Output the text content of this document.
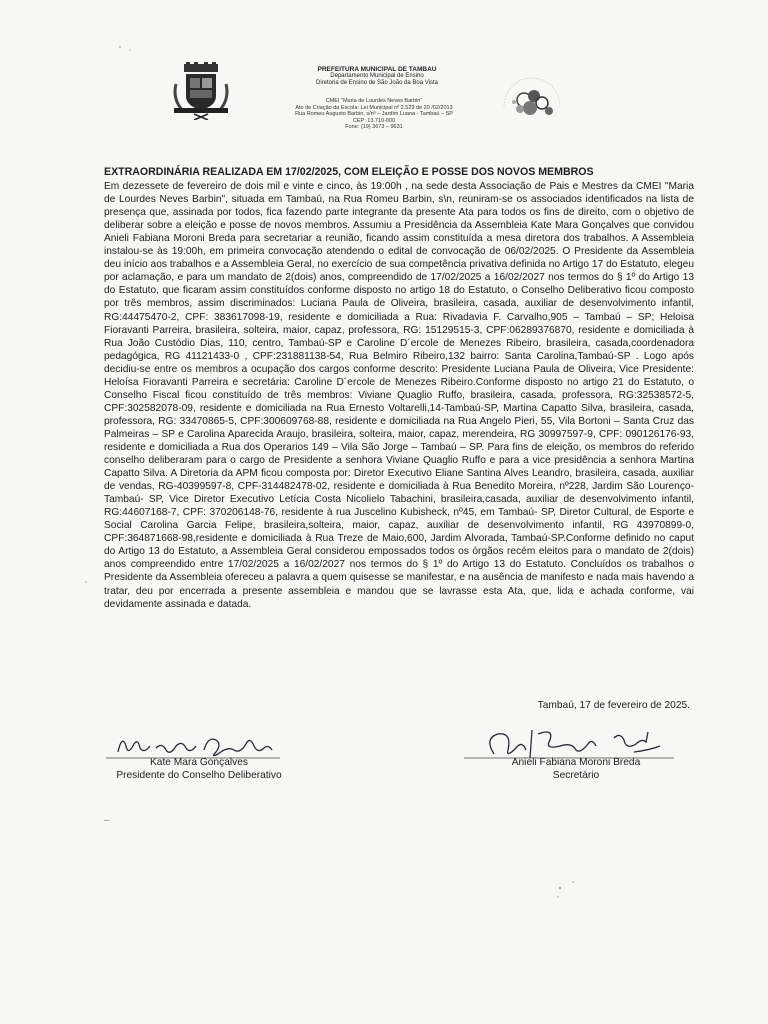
PREFEITURA MUNICIPAL DE TAMBAU
Departamento Municipal de Ensino
Diretoria de Ensino de São João da Boa Vista
CMEI "Maria de Lourdes Neves Barbin"
Ato de Criação da Escola: Lei Municipal nº 2.529 de 20 /02/2013
Rua Romeu Augusto Barbin, s/nº – Jardim Luana - Tambaú – SP
CEP: 13.710-000
Fone: (19) 3673 – 9631
EXTRAORDINÁRIA REALIZADA EM 17/02/2025, COM ELEIÇÃO E POSSE DOS NOVOS MEMBROS

Em dezessete de fevereiro de dois mil e vinte e cinco, às 19:00h , na sede desta Associação de Pais e Mestres da CMEI "Maria de Lourdes Neves Barbin", situada em Tambaú, na Rua Romeu Barbin, s\n, reuniram-se os associados identificados na lista de presença que, assinada por todos, fica fazendo parte integrante da presente Ata para todos os fins de direito, com o objetivo de deliberar sobre a eleição e posse de novos membros. Assumiu a Presidência da Assembleia Kate Mara Gonçalves que convidou Anieli Fabiana Moroni Breda para secretariar a reunião, ficando assim constituída a mesa diretora dos trabalhos. A Assembleia instalou-se às 19:00h, em primeira convocação atendendo o edital de convocação de 06/02/2025. O Presidente da Assembleia deu início aos trabalhos e a Assembleia Geral, no exercício de sua competência privativa definida no Artigo 17 do Estatuto, elegeu por aclamação, e para um mandato de 2(dois) anos, compreendido de 17/02/2025 a 16/02/2027 nos termos do § 1º do Artigo 13 do Estatuto, que ficaram assim constituídos conforme disposto no artigo 18 do Estatuto, o Conselho Deliberativo ficou composto por três membros, assim discriminados: Luciana Paula de Oliveira, brasileira, casada, auxiliar de desenvolvimento infantil, RG:44475470-2, CPF: 383617098-19, residente e domiciliada a Rua: Rivadavia F. Carvalho,905 – Tambaú – SP; Heloisa Fioravanti Parreira, brasileira, solteira, maior, capaz, professora, RG: 15129515-3, CPF:06289376870, residente e domiciliada à Rua João Custódio Dias, 110, centro, Tambaú-SP e Caroline D´ercole de Menezes Ribeiro, brasileira, casada,coordenadora pedagógica, RG 41121433-0 , CPF:231881138-54, Rua Belmiro Ribeiro,132 bairro: Santa Carolina,Tambaú-SP . Logo após decidiu-se entre os membros a ocupação dos cargos conforme descrito: Presidente Luciana Paula de Oliveira, Vice Presidente: Heloísa Fioravanti Parreira e secretária: Caroline D´ercole de Menezes Ribeiro.Conforme disposto no artigo 21 do Estatuto, o Conselho Fiscal ficou constituído de três membros: Viviane Quaglio Ruffo, brasileira, casada, professora, RG:32538572-5, CPF:302582078-09, residente e domiciliada na Rua Ernesto Voltarelli,14-Tambaú-SP, Martina Capatto Silva, brasileira, casada, professora, RG: 33470865-5, CPF:300609768-88, residente e domiciliada na Rua Angelo Pieri, 55, Vila Bortoni – Santa Cruz das Palmeiras – SP e Carolina Aparecida Araujo, brasileira, solteira, maior, capaz, merendeira, RG 30997597-9, CPF: 090126176-93, residente e domiciliada a Rua dos Operarios 149 – Vila São Jorge – Tambaú – SP. Para fins de eleição, os membros do referido conselho deliberaram para o cargo de Presidente a senhora Viviane Quaglio Ruffo e para a vice presidência a senhora Martina Capatto Silva. A Diretoria da APM ficou composta por: Diretor Executivo Eliane Santina Alves Leandro, brasileira, casada, auxiliar de vendas, RG-40399597-8, CPF-314482478-02, residente e domiciliada à Rua Benedito Moreira, nº228, Jardim São Lourenço- Tambaú- SP, Vice Diretor Executivo Letícia Costa Nicolielo Tabachini, brasileira,casada, auxiliar de desenvolvimento infantil, RG:44607168-7, CPF: 370206148-76, residente à rua Juscelino Kubisheck, nº45, em Tambaú- SP, Diretor Cultural, de Esporte e Social Carolina Garcia Felipe, brasileira,solteira, maior, capaz, auxiliar de desenvolvimento infantil, RG 43970899-0, CPF:364871668-98,residente e domiciliada à Rua Treze de Maio,600, Jardim Alvorada, Tambaú-SP.Conforme definido no caput do Artigo 13 do Estatuto, a Assembleia Geral considerou empossados todos os órgãos recém eleitos para o mandato de 2(dois) anos compreendido entre 17/02/2025 a 16/02/2027 nos termos do § 1º do Artigo 13 do Estatuto. Concluídos os trabalhos o Presidente da Assembleia ofereceu a palavra a quem quisesse se manifestar, e na ausência de manifesto e nada mais havendo a tratar, deu por encerrada a presente assembleia e mandou que se lavrasse esta Ata, que, lida e achada conforme, vai devidamente assinada e datada.

Tambaú, 17 de fevereiro de 2025.
Kate Mara Gonçalves
Presidente do Conselho Deliberativo
Anieli Fabiana Moroni Breda
Secretário
–
